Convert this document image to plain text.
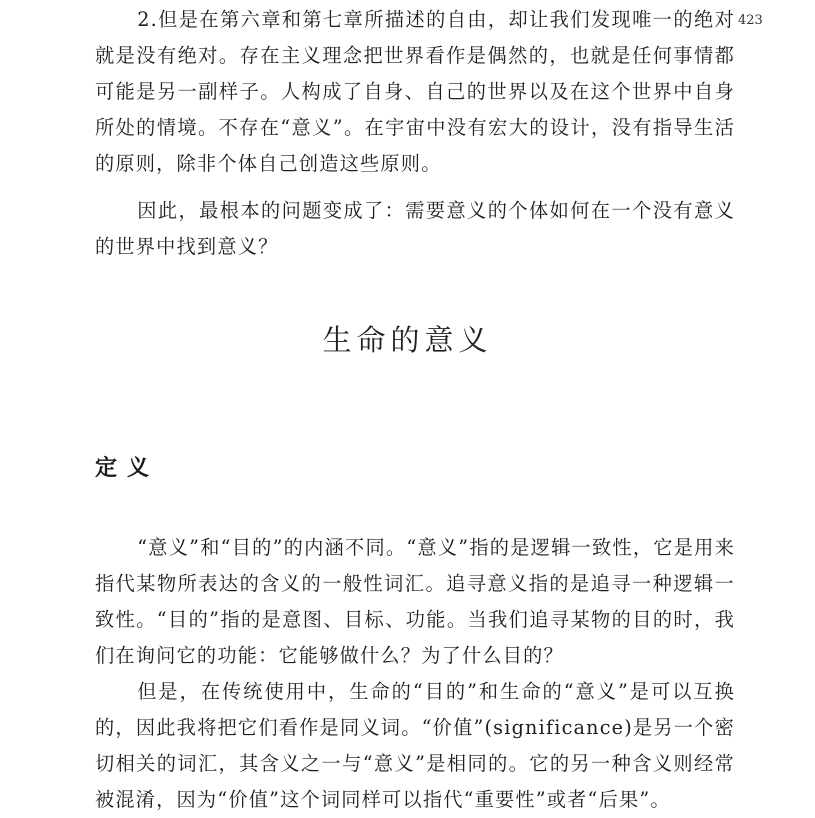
423

2.但是在第六章和第七章所描述的自由，却让我们发现唯一的绝对就是没有绝对。存在主义理念把世界看作是偶然的，也就是任何事情都可能是另一副样子。人构成了自身、自己的世界以及在这个世界中自身所处的情境。不存在“意义”。在宇宙中没有宏大的设计，没有指导生活的原则，除非个体自己创造这些原则。

因此，最根本的问题变成了：需要意义的个体如何在一个没有意义的世界中找到意义？

生命的意义
定义

“意义”和“目的”的内涵不同。“意义”指的是逻辑一致性，它是用来指代某物所表达的含义的一般性词汇。追寻意义指的是追寻一种逻辑一致性。“目的”指的是意图、目标、功能。当我们追寻某物的目的时，我们在询问它的功能：它能够做什么？为了什么目的？

但是，在传统使用中，生命的“目的”和生命的“意义”是可以互换的，因此我将把它们看作是同义词。“价值”(significance)是另一个密切相关的词汇，其含义之一与“意义”是相同的。它的另一种含义则经常被混淆，因为“价值”这个词同样可以指代“重要性”或者“后果”。
